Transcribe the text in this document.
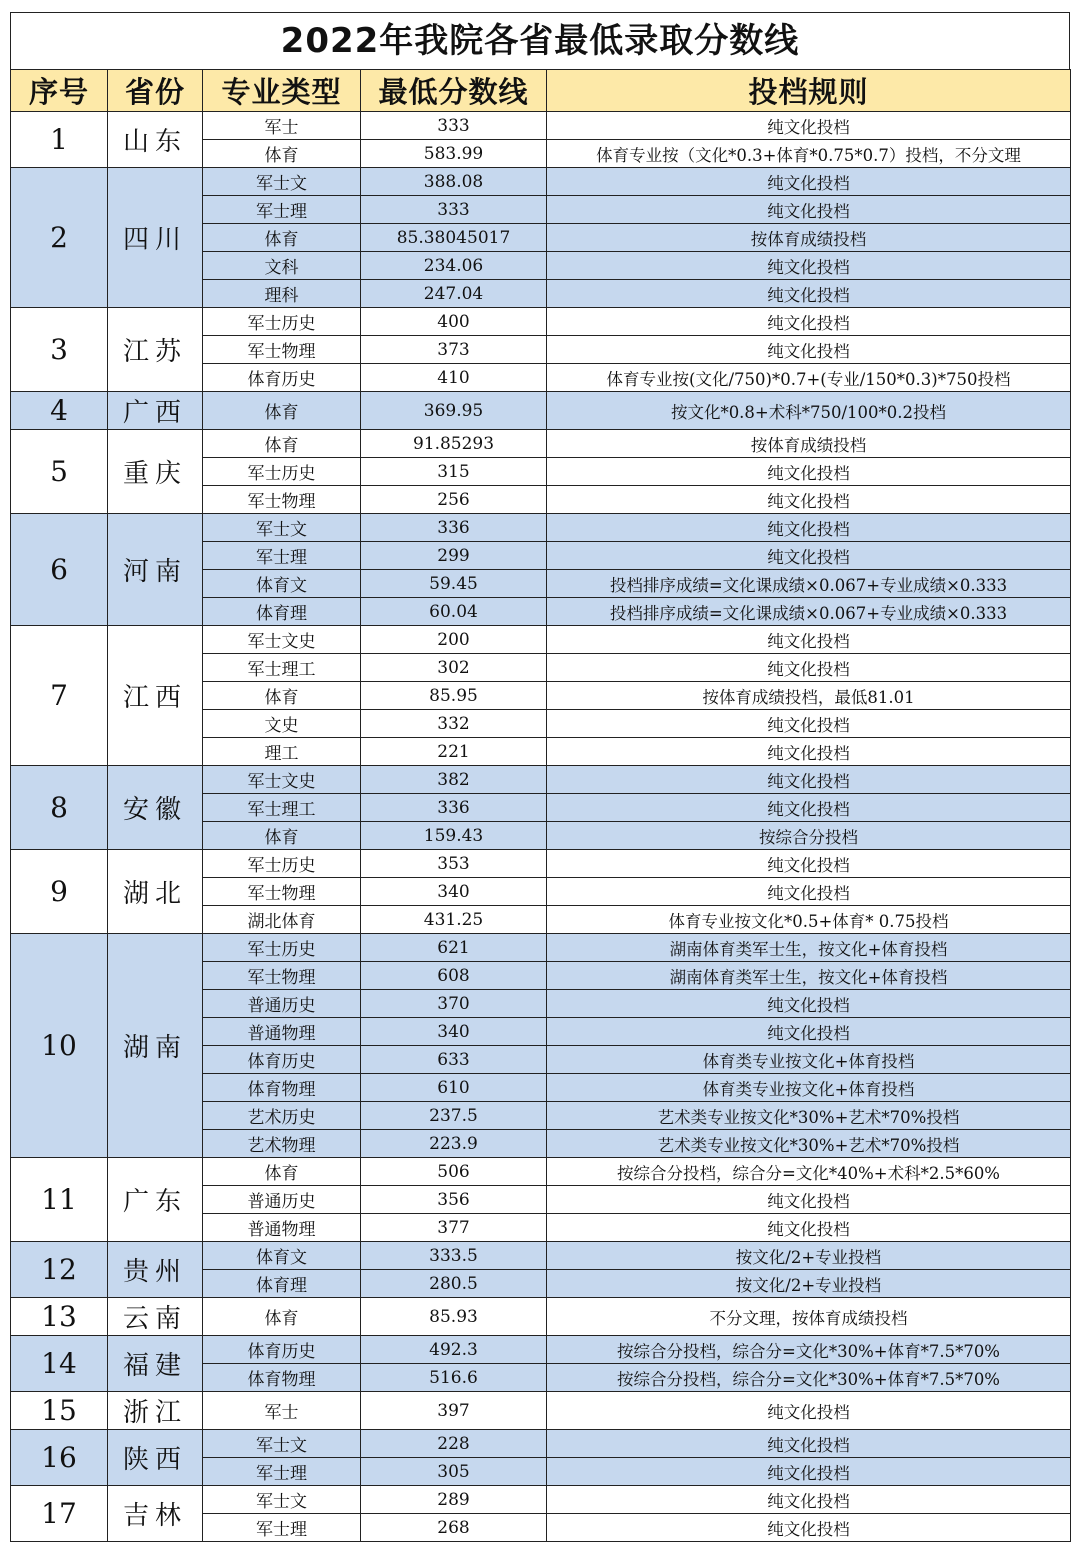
2022年我院各省最低录取分数线
序号	省份	专业类型	最低分数线	投档规则
1	山东	军士	333	纯文化投档
		体育	583.99	体育专业按（文化*0.3+体育*0.75*0.7）投档，不分文理
2	四川	军士文	388.08	纯文化投档
		军士理	333	纯文化投档
		体育	85.38045017	按体育成绩投档
		文科	234.06	纯文化投档
		理科	247.04	纯文化投档
3	江苏	军士历史	400	纯文化投档
		军士物理	373	纯文化投档
		体育历史	410	体育专业按(文化/750)*0.7+(专业/150*0.3)*750投档
4	广西	体育	369.95	按文化*0.8+术科*750/100*0.2投档
5	重庆	体育	91.85293	按体育成绩投档
		军士历史	315	纯文化投档
		军士物理	256	纯文化投档
6	河南	军士文	336	纯文化投档
		军士理	299	纯文化投档
		体育文	59.45	投档排序成绩=文化课成绩×0.067+专业成绩×0.333
		体育理	60.04	投档排序成绩=文化课成绩×0.067+专业成绩×0.333
7	江西	军士文史	200	纯文化投档
		军士理工	302	纯文化投档
		体育	85.95	按体育成绩投档，最低81.01
		文史	332	纯文化投档
		理工	221	纯文化投档
8	安徽	军士文史	382	纯文化投档
		军士理工	336	纯文化投档
		体育	159.43	按综合分投档
9	湖北	军士历史	353	纯文化投档
		军士物理	340	纯文化投档
		湖北体育	431.25	体育专业按文化*0.5+体育* 0.75投档
10	湖南	军士历史	621	湖南体育类军士生，按文化+体育投档
		军士物理	608	湖南体育类军士生，按文化+体育投档
		普通历史	370	纯文化投档
		普通物理	340	纯文化投档
		体育历史	633	体育类专业按文化+体育投档
		体育物理	610	体育类专业按文化+体育投档
		艺术历史	237.5	艺术类专业按文化*30%+艺术*70%投档
		艺术物理	223.9	艺术类专业按文化*30%+艺术*70%投档
11	广东	体育	506	按综合分投档，综合分=文化*40%+术科*2.5*60%
		普通历史	356	纯文化投档
		普通物理	377	纯文化投档
12	贵州	体育文	333.5	按文化/2+专业投档
		体育理	280.5	按文化/2+专业投档
13	云南	体育	85.93	不分文理，按体育成绩投档
14	福建	体育历史	492.3	按综合分投档，综合分=文化*30%+体育*7.5*70%
		体育物理	516.6	按综合分投档，综合分=文化*30%+体育*7.5*70%
15	浙江	军士	397	纯文化投档
16	陕西	军士文	228	纯文化投档
		军士理	305	纯文化投档
17	吉林	军士文	289	纯文化投档
		军士理	268	纯文化投档
